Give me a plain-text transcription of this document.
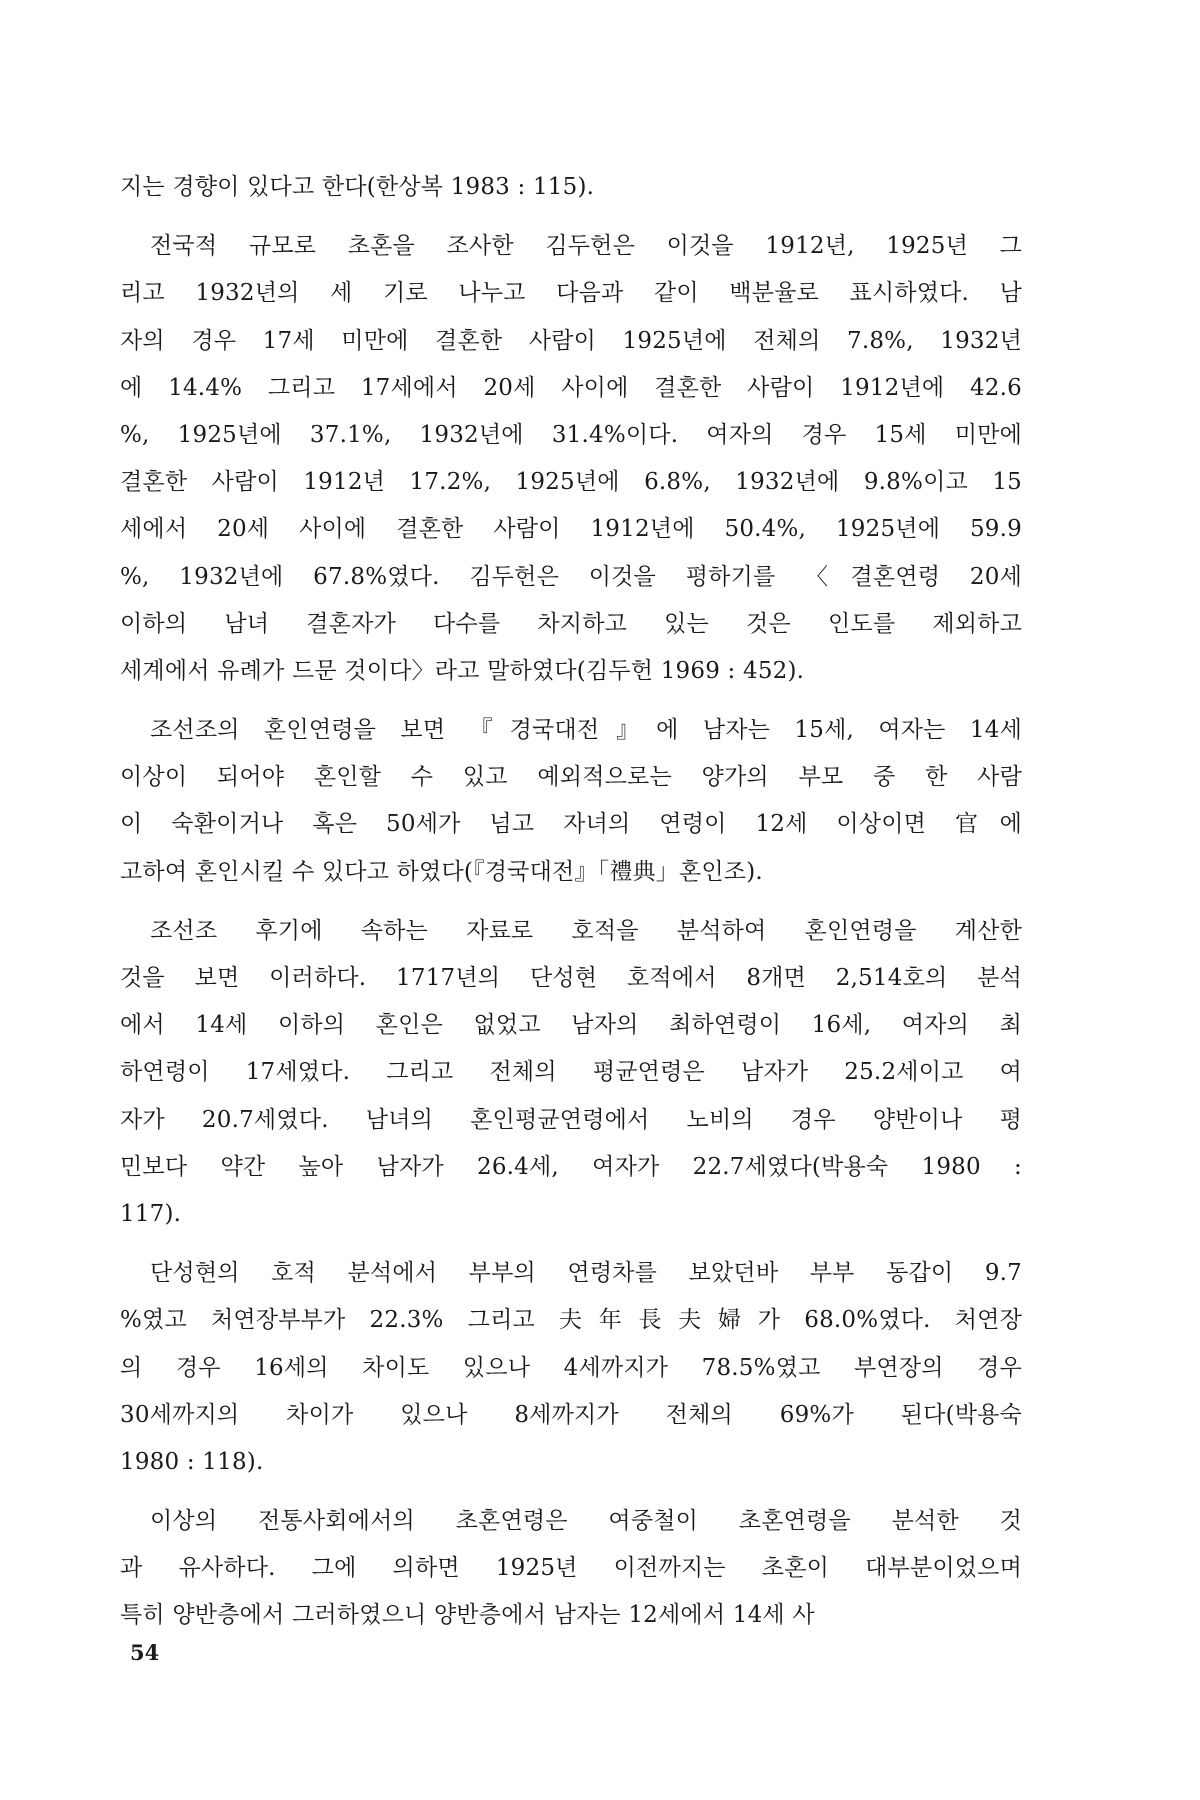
지는 경향이 있다고 한다(한상복 1983 : 115).
전국적 규모로 초혼을 조사한 김두헌은 이것을 1912년, 1925년 그
리고 1932년의 세 기로 나누고 다음과 같이 백분율로 표시하였다. 남
자의 경우 17세 미만에 결혼한 사람이 1925년에 전체의 7.8%, 1932년
에 14.4% 그리고 17세에서 20세 사이에 결혼한 사람이 1912년에 42.6
%, 1925년에 37.1%, 1932년에 31.4%이다. 여자의 경우 15세 미만에
결혼한 사람이 1912년 17.2%, 1925년에 6.8%, 1932년에 9.8%이고 15
세에서 20세 사이에 결혼한 사람이 1912년에 50.4%, 1925년에 59.9
%, 1932년에 67.8%였다. 김두헌은 이것을 평하기를 〈결혼연령 20세
이하의 남녀 결혼자가 다수를 차지하고 있는 것은 인도를 제외하고
세계에서 유례가 드문 것이다〉라고 말하였다(김두헌 1969 : 452).
조선조의 혼인연령을 보면 『경국대전』에 남자는 15세, 여자는 14세
이상이 되어야 혼인할 수 있고 예외적으로는 양가의 부모 중 한 사람
이 숙환이거나 혹은 50세가 넘고 자녀의 연령이 12세 이상이면 官에
고하여 혼인시킬 수 있다고 하였다(『경국대전』「禮典」혼인조).
조선조 후기에 속하는 자료로 호적을 분석하여 혼인연령을 계산한
것을 보면 이러하다. 1717년의 단성현 호적에서 8개면 2,514호의 분석
에서 14세 이하의 혼인은 없었고 남자의 최하연령이 16세, 여자의 최
하연령이 17세였다. 그리고 전체의 평균연령은 남자가 25.2세이고 여
자가 20.7세였다. 남녀의 혼인평균연령에서 노비의 경우 양반이나 평
민보다 약간 높아 남자가 26.4세, 여자가 22.7세였다(박용숙 1980 :
117).
단성현의 호적 분석에서 부부의 연령차를 보았던바 부부 동갑이 9.7
%였고 처연장부부가 22.3% 그리고 夫年長夫婦가 68.0%였다. 처연장
의 경우 16세의 차이도 있으나 4세까지가 78.5%였고 부연장의 경우
30세까지의 차이가 있으나 8세까지가 전체의 69%가 된다(박용숙
1980 : 118).
이상의 전통사회에서의 초혼연령은 여중철이 초혼연령을 분석한 것
과 유사하다. 그에 의하면 1925년 이전까지는 초혼이 대부분이었으며
특히 양반층에서 그러하였으니 양반층에서 남자는 12세에서 14세 사
54
